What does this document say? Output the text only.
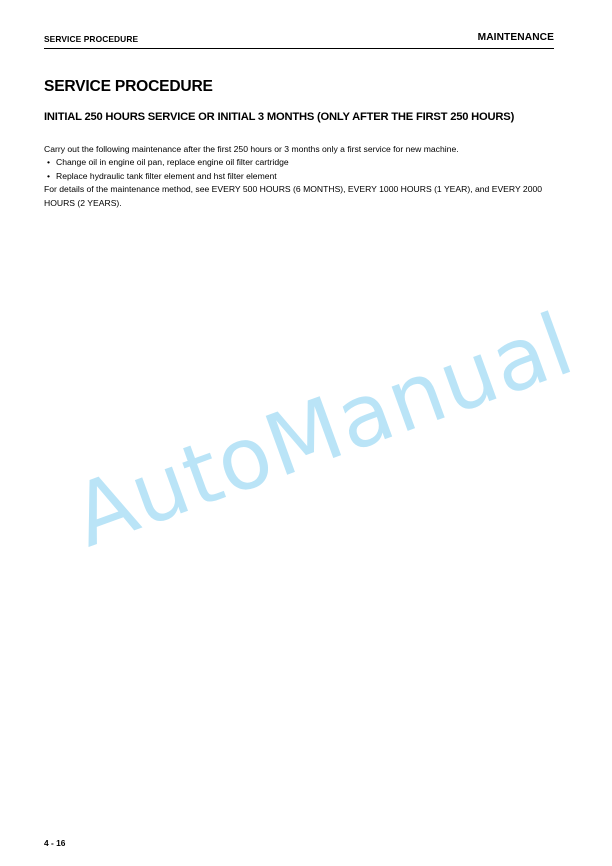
SERVICE PROCEDURE	MAINTENANCE
SERVICE PROCEDURE
INITIAL 250 HOURS SERVICE OR INITIAL 3 MONTHS (ONLY AFTER THE FIRST 250 HOURS)

Carry out the following maintenance after the first 250 hours or 3 months only a first service for new machine.

• Change oil in engine oil pan, replace engine oil filter cartridge

• Replace hydraulic tank filter element and hst filter element

For details of the maintenance method, see EVERY 500 HOURS (6 MONTHS), EVERY 1000 HOURS (1 YEAR), and EVERY 2000 HOURS (2 YEARS).

AutoManual
4 - 16
